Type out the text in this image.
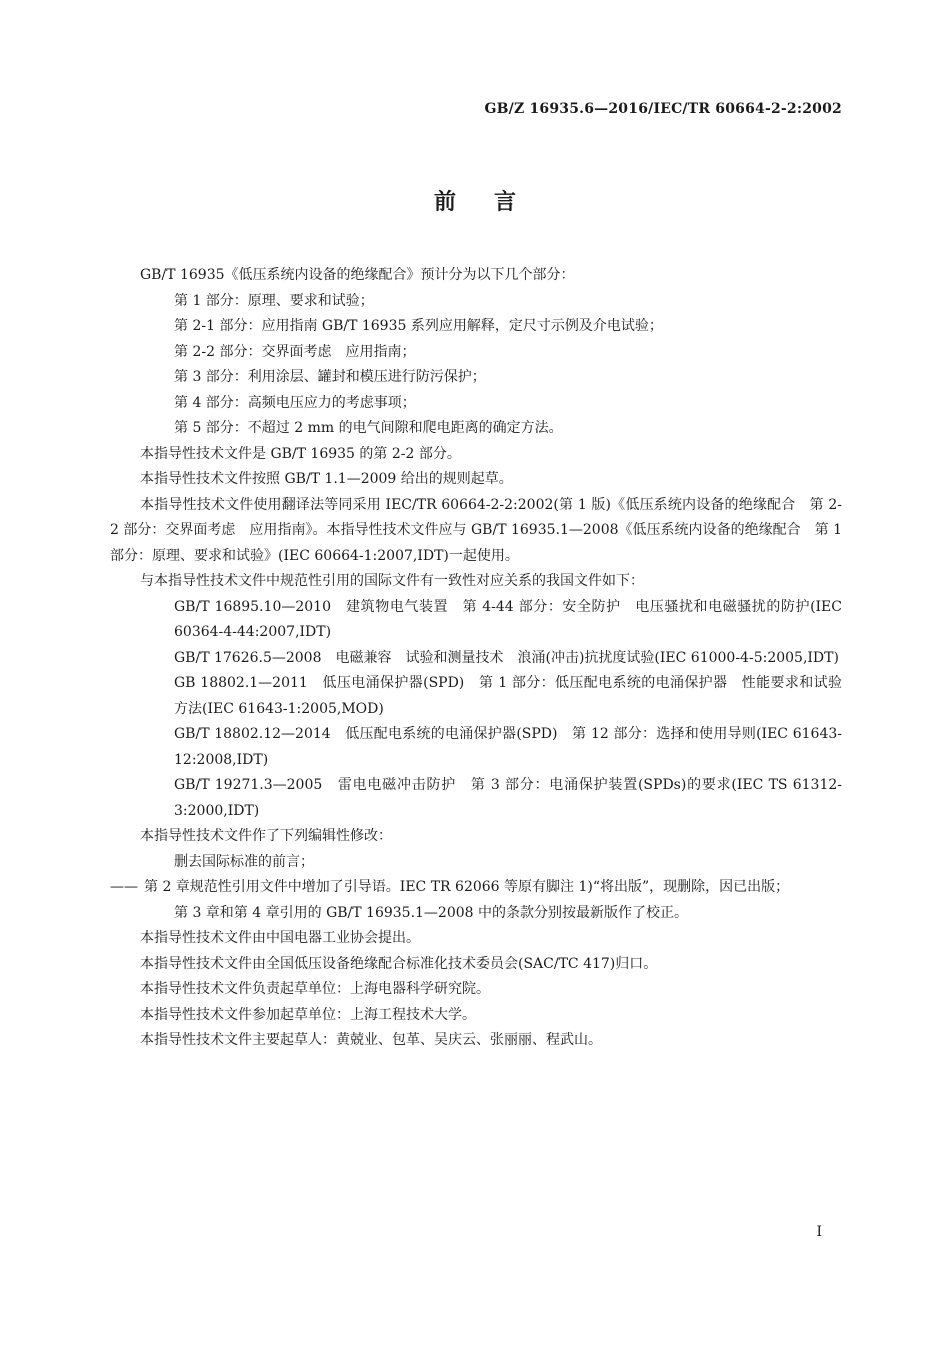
GB/Z 16935.6—2016/IEC/TR 60664-2-2:2002
前言

GB/T 16935《低压系统内设备的绝缘配合》预计分为以下几个部分：

第 1 部分：原理、要求和试验；

第 2-1 部分：应用指南 GB/T 16935 系列应用解释，定尺寸示例及介电试验；

第 2-2 部分：交界面考虑　应用指南；

第 3 部分：利用涂层、罐封和模压进行防污保护；

第 4 部分：高频电压应力的考虑事项；

第 5 部分：不超过 2 mm 的电气间隙和爬电距离的确定方法。

本指导性技术文件是 GB/T 16935 的第 2-2 部分。

本指导性技术文件按照 GB/T 1.1—2009 给出的规则起草。

本指导性技术文件使用翻译法等同采用 IEC/TR 60664-2-2:2002(第 1 版)《低压系统内设备的绝缘配合　第 2-2 部分：交界面考虑　应用指南》。本指导性技术文件应与 GB/T 16935.1—2008《低压系统内设备的绝缘配合　第 1 部分：原理、要求和试验》(IEC 60664-1:2007,IDT)一起使用。

与本指导性技术文件中规范性引用的国际文件有一致性对应关系的我国文件如下：

GB/T 16895.10—2010　建筑物电气装置　第 4-44 部分：安全防护　电压骚扰和电磁骚扰的防护(IEC 60364-4-44:2007,IDT)

GB/T 17626.5—2008　电磁兼容　试验和测量技术　浪涌(冲击)抗扰度试验(IEC 61000-4-5:2005,IDT)

GB 18802.1—2011　低压电涌保护器(SPD)　第 1 部分：低压配电系统的电涌保护器　性能要求和试验方法(IEC 61643-1:2005,MOD)

GB/T 18802.12—2014　低压配电系统的电涌保护器(SPD)　第 12 部分：选择和使用导则(IEC 61643-12:2008,IDT)

GB/T 19271.3—2005　雷电电磁冲击防护　第 3 部分：电涌保护装置(SPDs)的要求(IEC TS 61312-3:2000,IDT)

本指导性技术文件作了下列编辑性修改：

删去国际标准的前言；

—— 第 2 章规范性引用文件中增加了引导语。IEC TR 62066 等原有脚注 1)“将出版”，现删除，因已出版；

第 3 章和第 4 章引用的 GB/T 16935.1—2008 中的条款分别按最新版作了校正。

本指导性技术文件由中国电器工业协会提出。

本指导性技术文件由全国低压设备绝缘配合标准化技术委员会(SAC/TC 417)归口。

本指导性技术文件负责起草单位：上海电器科学研究院。

本指导性技术文件参加起草单位：上海工程技术大学。

本指导性技术文件主要起草人：黄兢业、包革、吴庆云、张丽丽、程武山。

I
